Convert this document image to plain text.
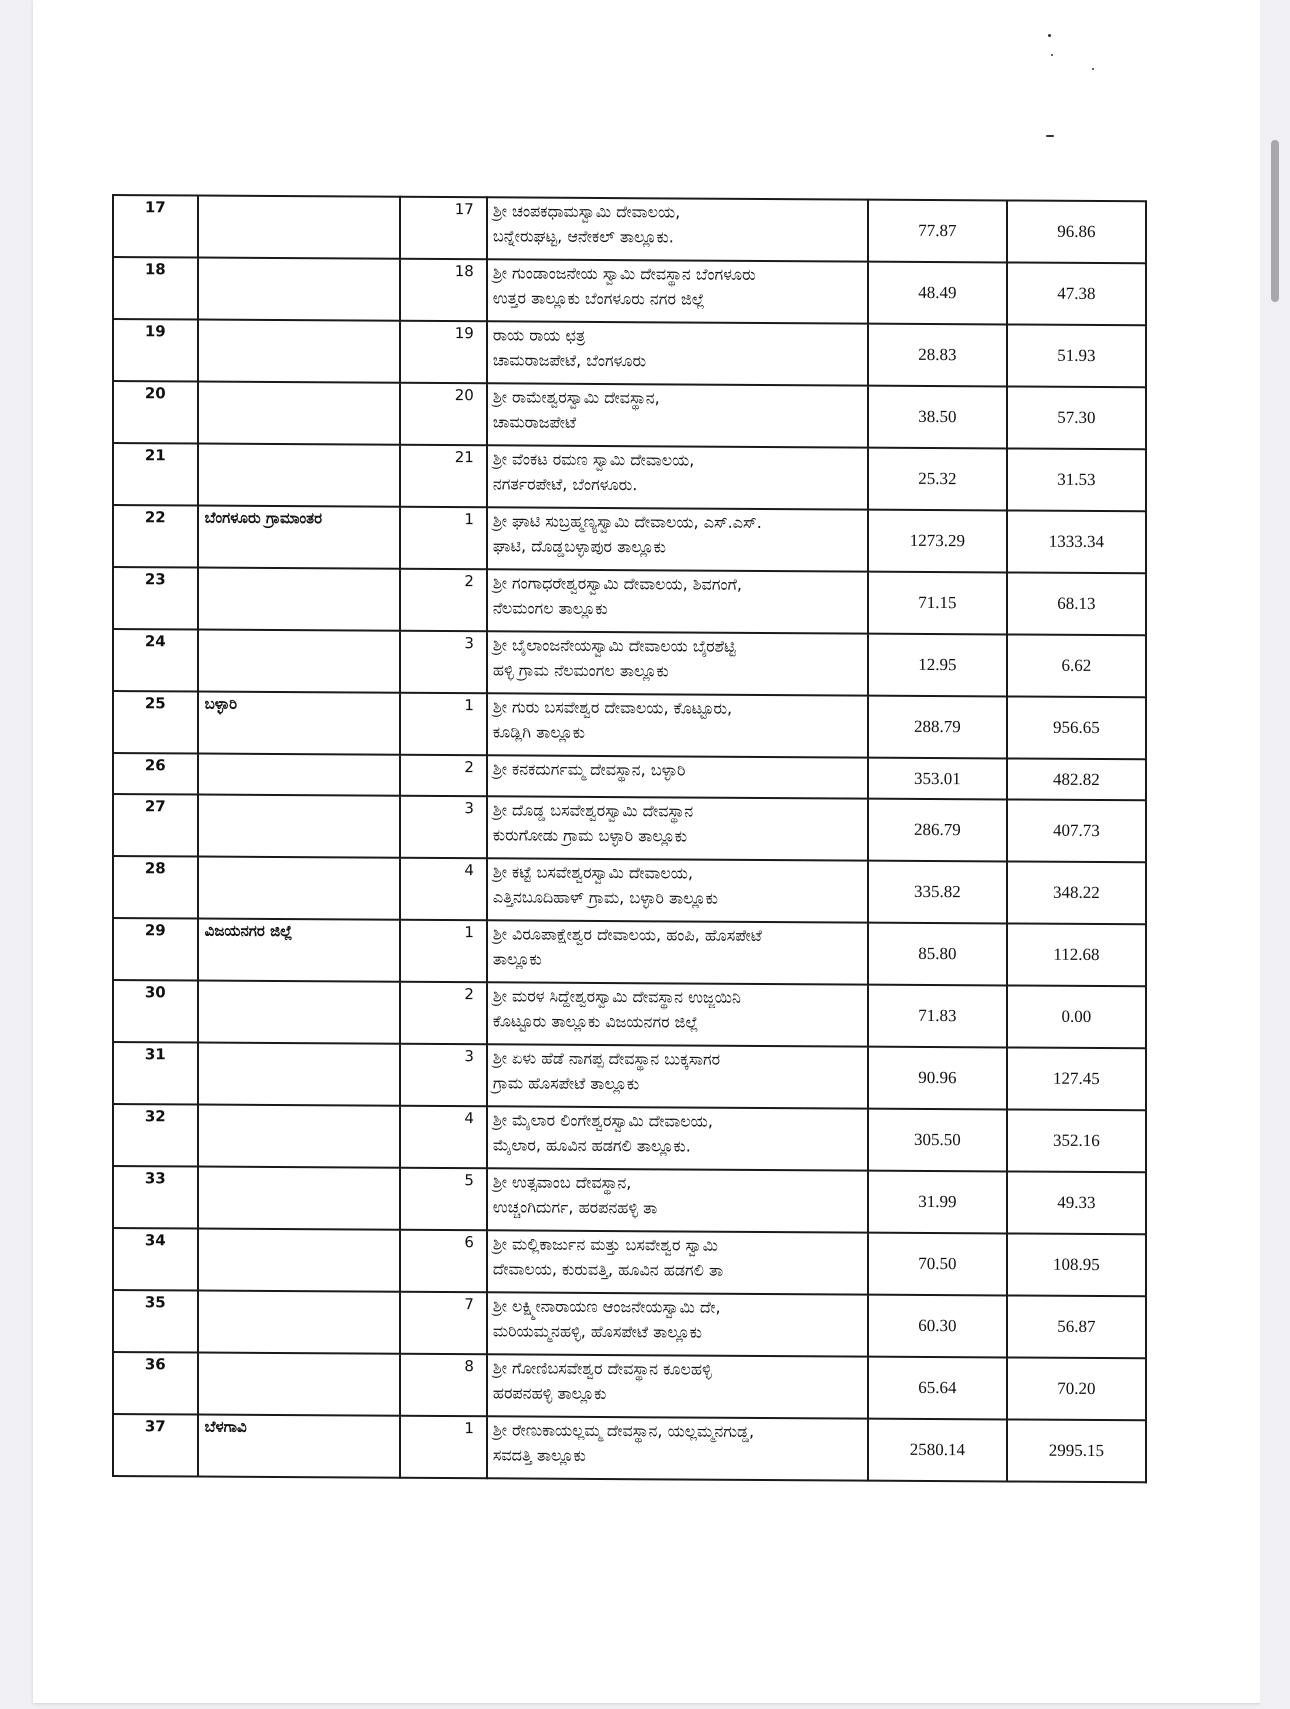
17		17	ಶ್ರೀ ಚಂಪಕಧಾಮಸ್ವಾಮಿ ದೇವಾಲಯ,
ಬನ್ನೇರುಘಟ್ಟ, ಆನೇಕಲ್ ತಾಲ್ಲೂಕು.	77.87	96.86
18		18	ಶ್ರೀ ಗುಂಡಾಂಜನೇಯ ಸ್ವಾಮಿ ದೇವಸ್ಥಾನ ಬೆಂಗಳೂರು
ಉತ್ತರ ತಾಲ್ಲೂಕು ಬೆಂಗಳೂರು ನಗರ ಜಿಲ್ಲೆ	48.49	47.38
19		19	ರಾಯ ರಾಯ ಛತ್ರ
ಚಾಮರಾಜಪೇಟೆ, ಬೆಂಗಳೂರು	28.83	51.93
20		20	ಶ್ರೀ ರಾಮೇಶ್ವರಸ್ವಾಮಿ ದೇವಸ್ಥಾನ,
ಚಾಮರಾಜಪೇಟೆ	38.50	57.30
21		21	ಶ್ರೀ ವೆಂಕಟ ರಮಣ ಸ್ವಾಮಿ ದೇವಾಲಯ,
ನಗರ್ತರಪೇಟೆ, ಬೆಂಗಳೂರು.	25.32	31.53
22	ಬೆಂಗಳೂರು ಗ್ರಾಮಾಂತರ	1	ಶ್ರೀ ಘಾಟಿ ಸುಬ್ರಹ್ಮಣ್ಯಸ್ವಾಮಿ ದೇವಾಲಯ, ಎಸ್.ಎಸ್.
ಘಾಟಿ, ದೊಡ್ಡಬಳ್ಳಾಪುರ ತಾಲ್ಲೂಕು	1273.29	1333.34
23		2	ಶ್ರೀ ಗಂಗಾಧರೇಶ್ವರಸ್ವಾಮಿ ದೇವಾಲಯ, ಶಿವಗಂಗೆ,
ನೆಲಮಂಗಲ ತಾಲ್ಲೂಕು	71.15	68.13
24		3	ಶ್ರೀ ಬೈಲಾಂಜನೇಯಸ್ವಾಮಿ ದೇವಾಲಯ ಬೈರಶೆಟ್ಟಿ
ಹಳ್ಳಿ ಗ್ರಾಮ ನೆಲಮಂಗಲ ತಾಲ್ಲೂಕು	12.95	6.62
25	ಬಳ್ಳಾರಿ	1	ಶ್ರೀ ಗುರು ಬಸವೇಶ್ವರ ದೇವಾಲಯ, ಕೊಟ್ಟೂರು,
ಕೂಡ್ಲಿಗಿ ತಾಲ್ಲೂಕು	288.79	956.65
26		2	ಶ್ರೀ ಕನಕದುರ್ಗಮ್ಮ ದೇವಸ್ಥಾನ, ಬಳ್ಳಾರಿ	353.01	482.82
27		3	ಶ್ರೀ ದೊಡ್ಡ ಬಸವೇಶ್ವರಸ್ವಾಮಿ ದೇವಸ್ಥಾನ
ಕುರುಗೋಡು ಗ್ರಾಮ ಬಳ್ಳಾರಿ ತಾಲ್ಲೂಕು	286.79	407.73
28		4	ಶ್ರೀ ಕಟ್ಟೆ ಬಸವೇಶ್ವರಸ್ವಾಮಿ ದೇವಾಲಯ,
ಎತ್ತಿನಬೂದಿಹಾಳ್ ಗ್ರಾಮ, ಬಳ್ಳಾರಿ ತಾಲ್ಲೂಕು	335.82	348.22
29	ವಿಜಯನಗರ ಜಿಲ್ಲೆ	1	ಶ್ರೀ ವಿರೂಪಾಕ್ಷೇಶ್ವರ ದೇವಾಲಯ, ಹಂಪಿ, ಹೊಸಪೇಟೆ
ತಾಲ್ಲೂಕು	85.80	112.68
30		2	ಶ್ರೀ ಮರಳ ಸಿದ್ದೇಶ್ವರಸ್ವಾಮಿ ದೇವಸ್ಥಾನ ಉಜ್ಜಯಿನಿ
ಕೊಟ್ಟೂರು ತಾಲ್ಲೂಕು ವಿಜಯನಗರ ಜಿಲ್ಲೆ	71.83	0.00
31		3	ಶ್ರೀ ಏಳು ಹೆಡೆ ನಾಗಪ್ಪ ದೇವಸ್ಥಾನ ಬುಕ್ಕಸಾಗರ
ಗ್ರಾಮ ಹೊಸಪೇಟೆ ತಾಲ್ಲೂಕು	90.96	127.45
32		4	ಶ್ರೀ ಮೈಲಾರ ಲಿಂಗೇಶ್ವರಸ್ವಾಮಿ ದೇವಾಲಯ,
ಮೈಲಾರ, ಹೂವಿನ ಹಡಗಲಿ ತಾಲ್ಲೂಕು.	305.50	352.16
33		5	ಶ್ರೀ ಉತ್ಸವಾಂಬ ದೇವಸ್ಥಾನ,
ಉಚ್ಚಂಗಿದುರ್ಗ, ಹರಪನಹಳ್ಳಿ ತಾ	31.99	49.33
34		6	ಶ್ರೀ ಮಲ್ಲಿಕಾರ್ಜುನ ಮತ್ತು ಬಸವೇಶ್ವರ ಸ್ವಾಮಿ
ದೇವಾಲಯ, ಕುರುವತ್ತಿ, ಹೂವಿನ ಹಡಗಲಿ ತಾ	70.50	108.95
35		7	ಶ್ರೀ ಲಕ್ಷ್ಮೀನಾರಾಯಣ ಆಂಜನೇಯಸ್ವಾಮಿ ದೇ,
ಮರಿಯಮ್ಮನಹಳ್ಳಿ, ಹೊಸಪೇಟೆ ತಾಲ್ಲೂಕು	60.30	56.87
36		8	ಶ್ರೀ ಗೋಣಿಬಸವೇಶ್ವರ ದೇವಸ್ಥಾನ ಕೂಲಹಳ್ಳಿ
ಹರಪನಹಳ್ಳಿ ತಾಲ್ಲೂಕು	65.64	70.20
37	ಬೆಳಗಾವಿ	1	ಶ್ರೀ ರೇಣುಕಾಯಲ್ಲಮ್ಮ ದೇವಸ್ಥಾನ, ಯಲ್ಲಮ್ಮನಗುಡ್ಡ,
ಸವದತ್ತಿ ತಾಲ್ಲೂಕು	2580.14	2995.15
